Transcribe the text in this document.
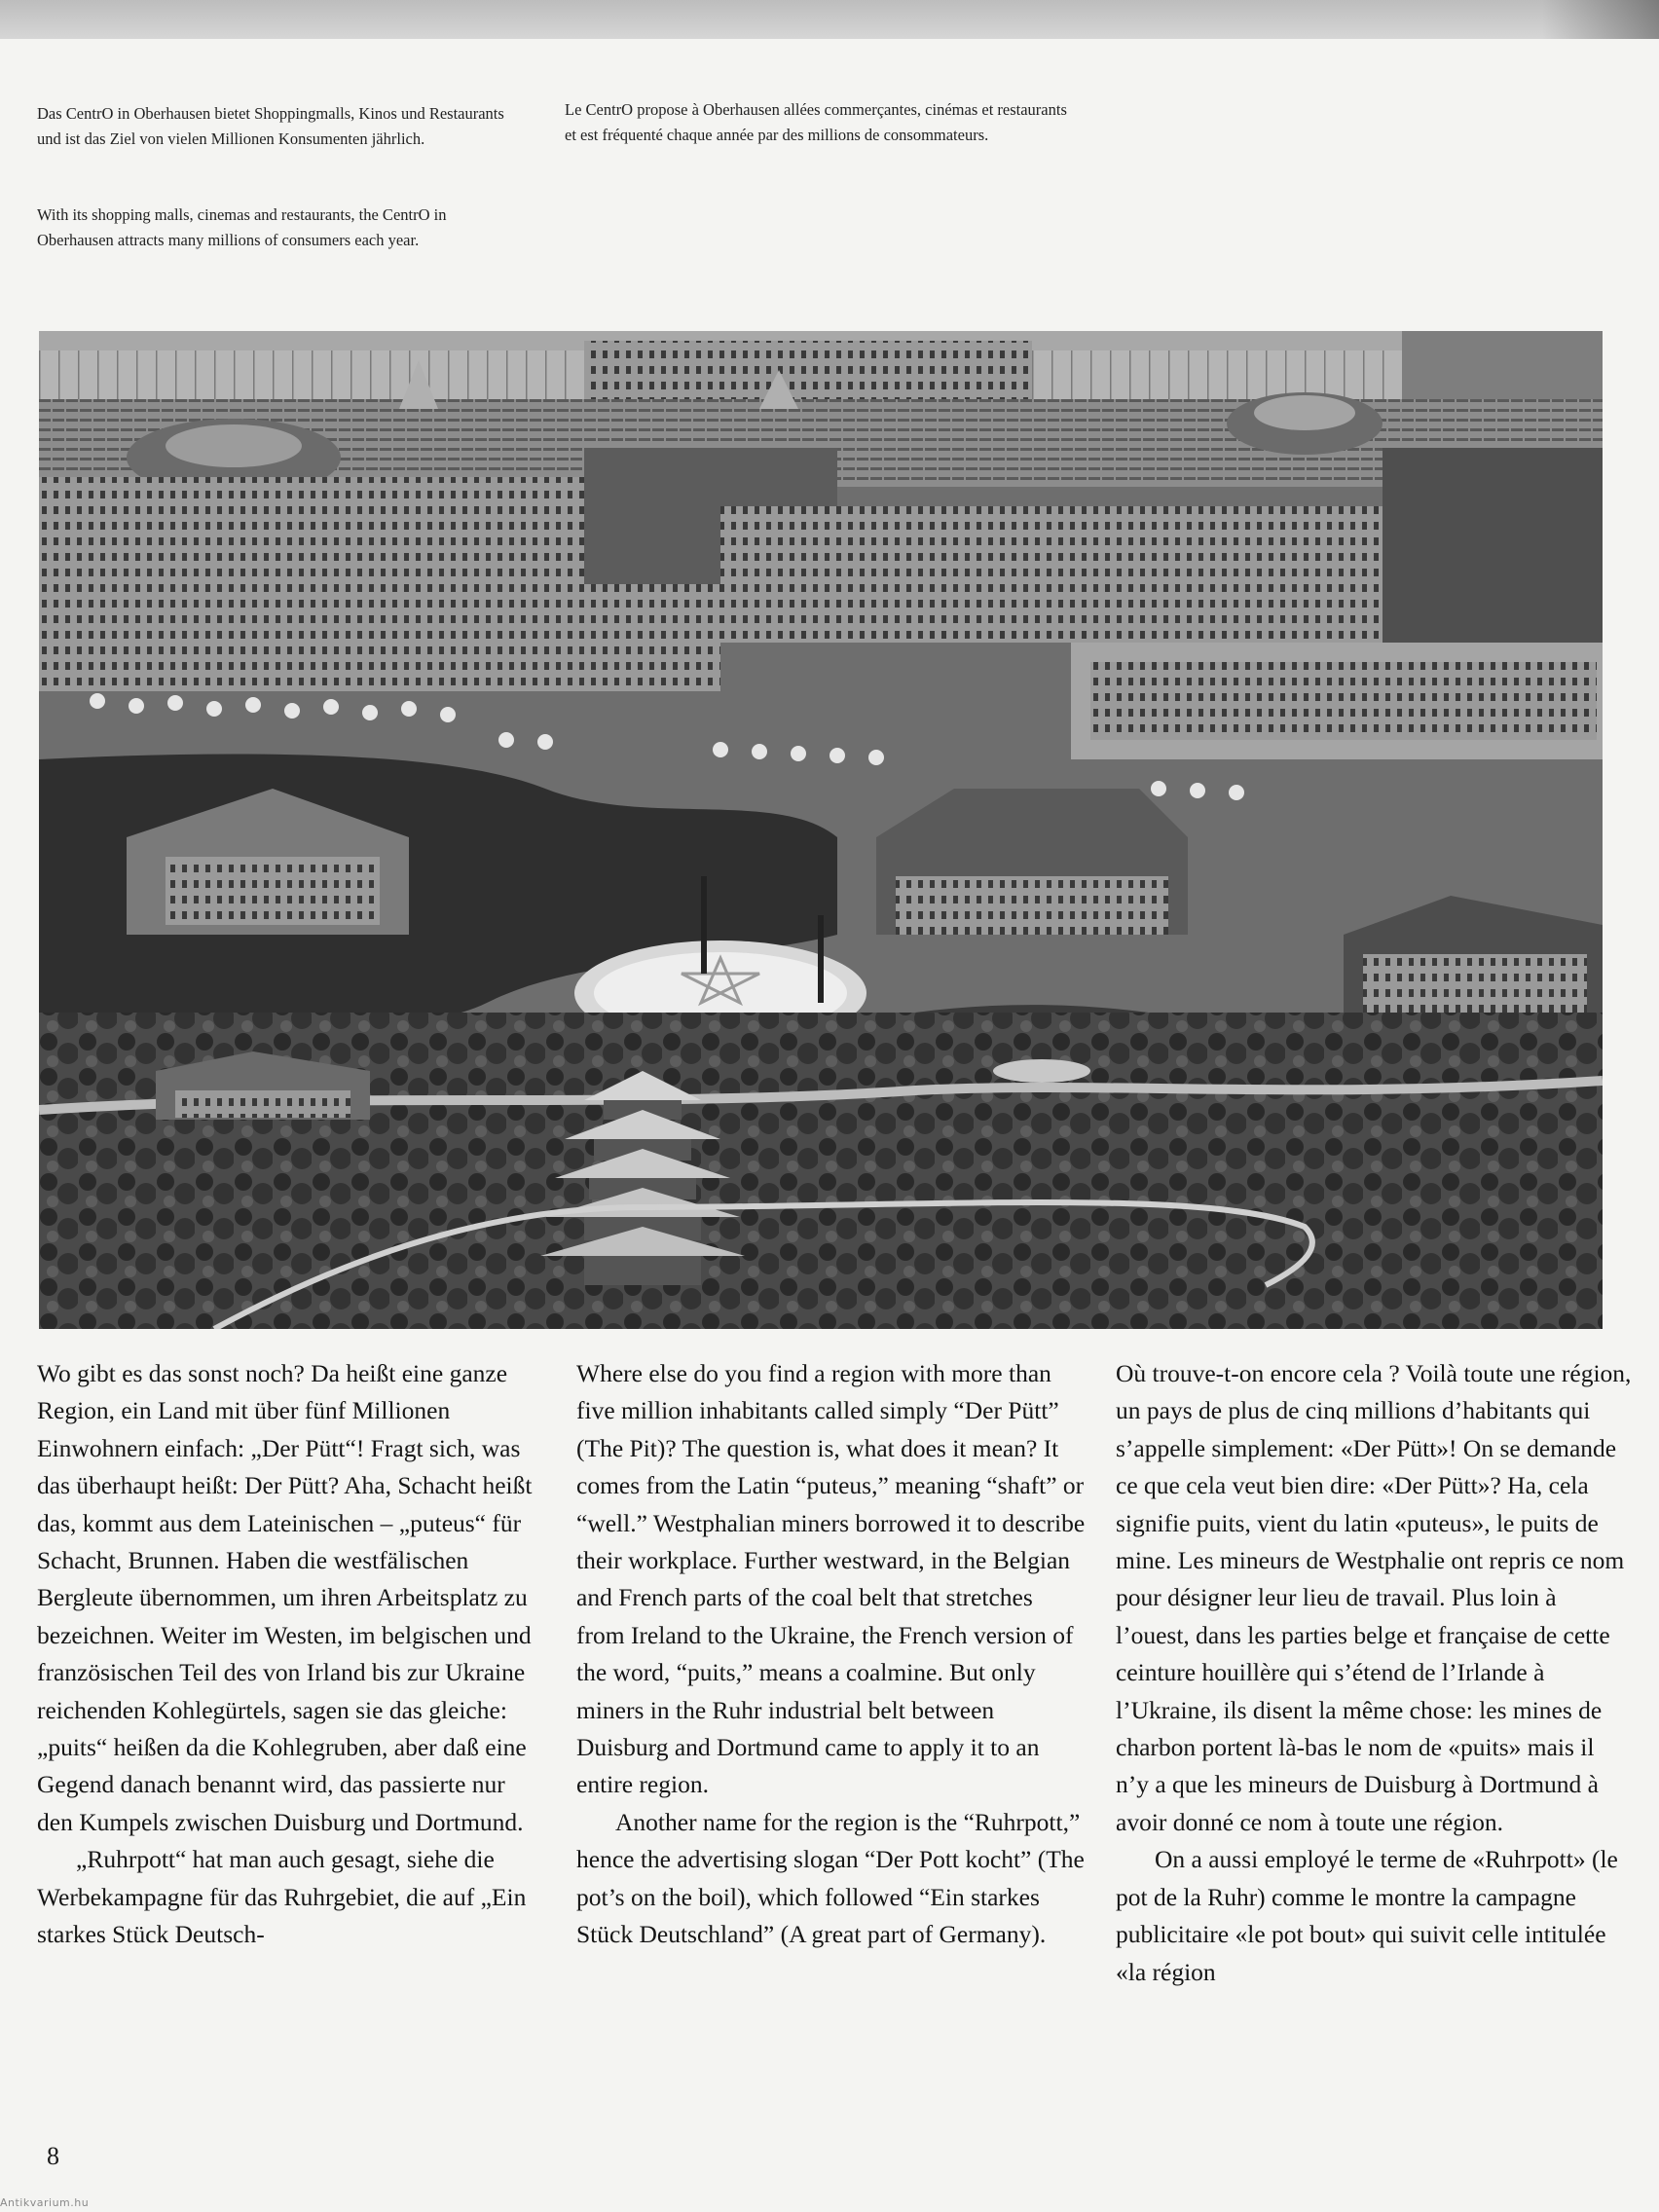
Das CentrO in Oberhausen bietet Shoppingmalls, Kinos und Restaurants und ist das Ziel von vielen Millionen Konsumenten jährlich.
With its shopping malls, cinemas and restaurants, the CentrO in Oberhausen attracts many millions of consumers each year.
Le CentrO propose à Oberhausen allées commerçantes, cinémas et restaurants et est fréquenté chaque année par des millions de consommateurs.

Wo gibt es das sonst noch? Da heißt eine ganze Region, ein Land mit über fünf Millionen Einwohnern einfach: „Der Pütt“! Fragt sich, was das überhaupt heißt: Der Pütt? Aha, Schacht heißt das, kommt aus dem Lateinischen – „puteus“ für Schacht, Brunnen. Haben die westfälischen Bergleute übernommen, um ihren Arbeitsplatz zu bezeichnen. Weiter im Westen, im belgischen und französischen Teil des von Irland bis zur Ukraine reichenden Kohlegürtels, sagen sie das gleiche: „puits“ heißen da die Kohlegruben, aber daß eine Gegend danach benannt wird, das passierte nur den Kumpels zwischen Duisburg und Dortmund.

„Ruhrpott“ hat man auch gesagt, siehe die Werbekampagne für das Ruhrgebiet, die auf „Ein starkes Stück Deutsch-

Where else do you find a region with more than five million inhabitants called simply “Der Pütt” (The Pit)? The question is, what does it mean? It comes from the Latin “puteus,” meaning “shaft” or “well.” Westphalian miners borrowed it to describe their workplace. Further westward, in the Belgian and French parts of the coal belt that stretches from Ireland to the Ukraine, the French version of the word, “puits,” means a coalmine. But only miners in the Ruhr industrial belt between Duisburg and Dortmund came to apply it to an entire region.

Another name for the region is the “Ruhrpott,” hence the advertising slogan “Der Pott kocht” (The pot’s on the boil), which followed “Ein starkes Stück Deutschland” (A great part of Germany).

Où trouve-t-on encore cela ? Voilà toute une région, un pays de plus de cinq millions d’habitants qui s’appelle simplement: «Der Pütt»! On se demande ce que cela veut bien dire: «Der Pütt»? Ha, cela signifie puits, vient du latin «puteus», le puits de mine. Les mineurs de Westphalie ont repris ce nom pour désigner leur lieu de travail. Plus loin à l’ouest, dans les parties belge et française de cette ceinture houillère qui s’étend de l’Irlande à l’Ukraine, ils disent la même chose: les mines de charbon portent là-bas le nom de «puits» mais il n’y a que les mineurs de Duisburg à Dortmund à avoir donné ce nom à toute une région.

On a aussi employé le terme de «Ruhrpott» (le pot de la Ruhr) comme le montre la campagne publicitaire «le pot bout» qui suivit celle intitulée «la région

8
Antikvarium.hu
